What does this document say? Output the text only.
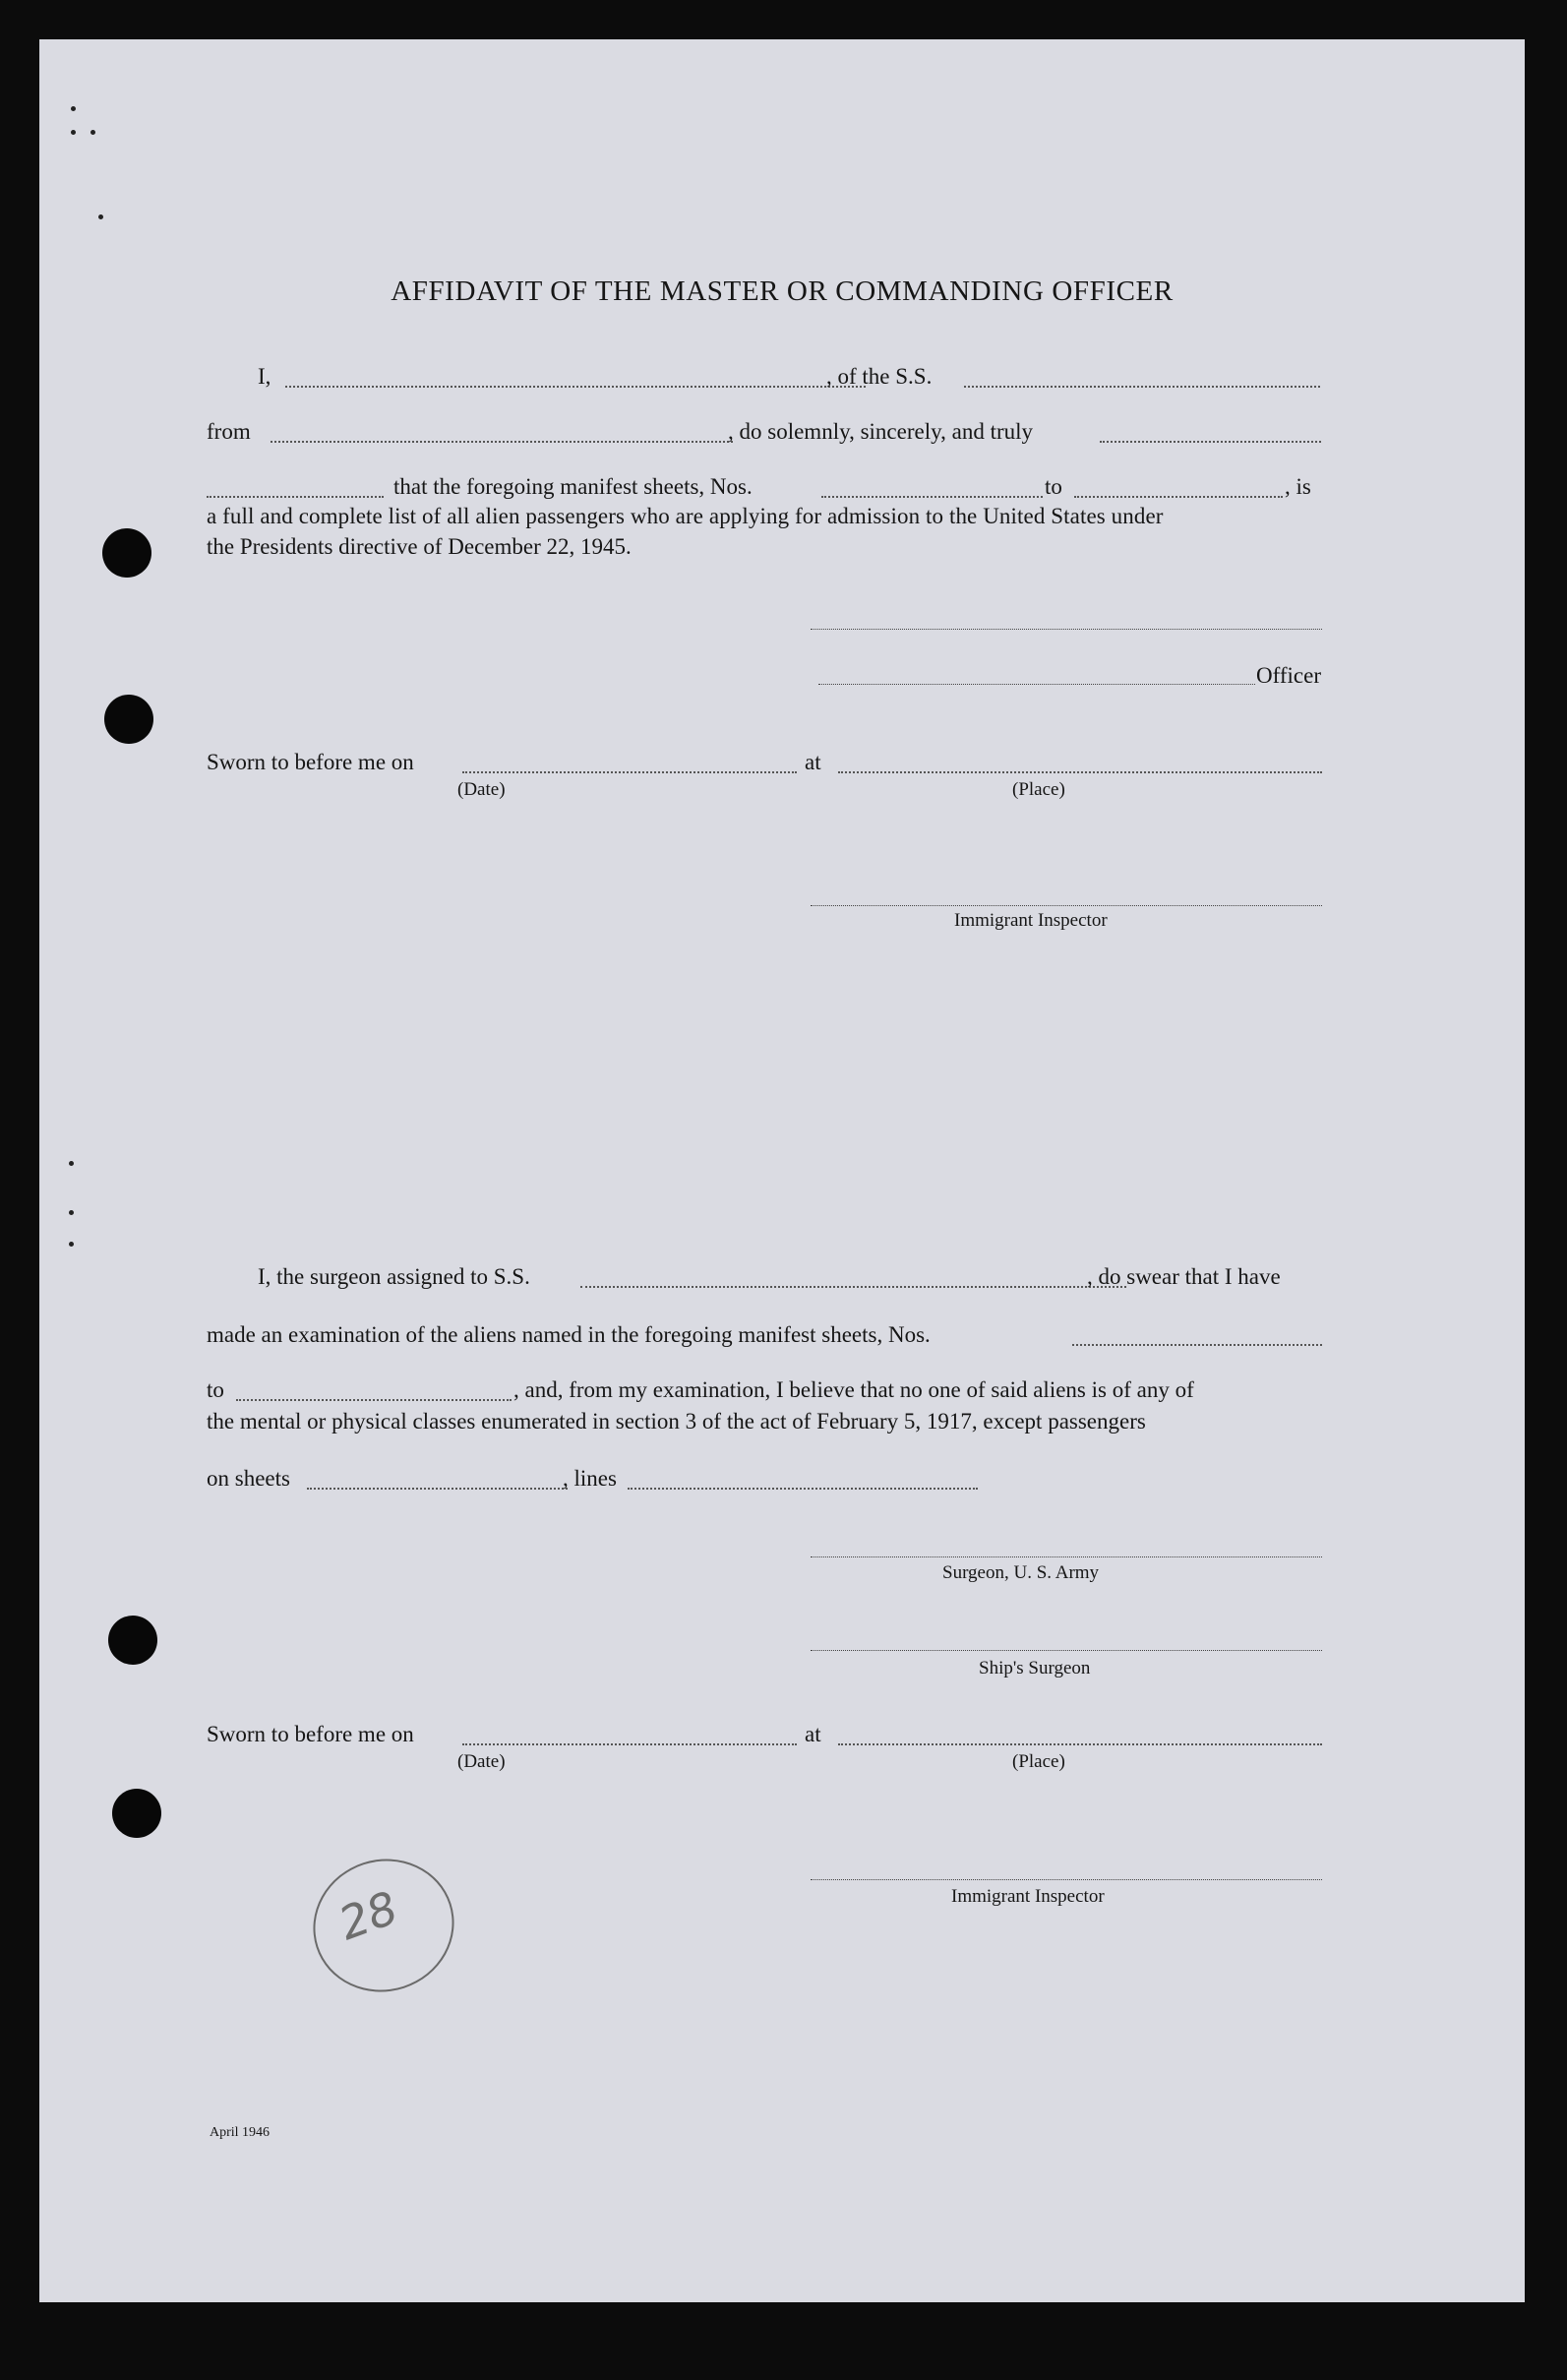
AFFIDAVIT OF THE MASTER OR COMMANDING OFFICER
I,	, of the S.S.
from	, do solemnly, sincerely, and truly
that the foregoing manifest sheets, Nos.	to	, is
a full and complete list of all alien passengers who are applying for admission to the United States under
the Presidents directive of December 22, 1945.
Officer
Sworn to before me on	at
(Date)	(Place)
Immigrant Inspector
I, the surgeon assigned to S.S.	, do swear that I have
made an examination of the aliens named in the foregoing manifest sheets, Nos.
to	, and, from my examination, I believe that no one of said aliens is of any of
the mental or physical classes enumerated in section 3 of the act of February 5, 1917, except passengers
on sheets	, lines
Surgeon, U. S. Army
Ship's Surgeon
Sworn to before me on	at
(Date)	(Place)
Immigrant Inspector
28
April 1946
